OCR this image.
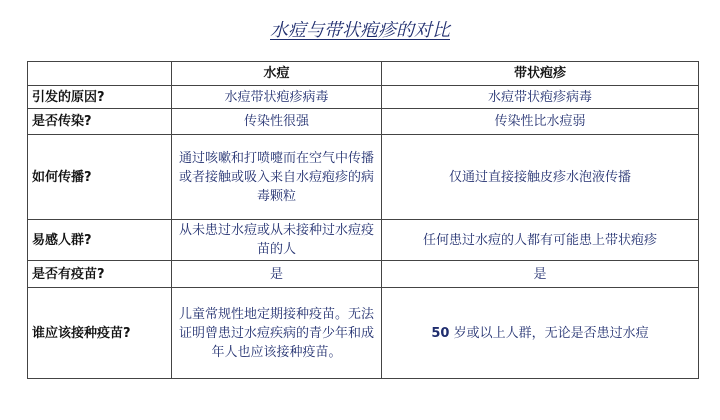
水痘与带状疱疹的对比
	水痘	带状疱疹
引发的原因?	水痘带状疱疹病毒	水痘带状疱疹病毒
是否传染?	传染性很强	传染性比水痘弱
如何传播?	通过咳嗽和打喷嚏而在空气中传播或者接触或吸入来自水痘疱疹的病毒颗粒	仅通过直接接触皮疹水泡液传播
易感人群?	从未患过水痘或从未接种过水痘疫苗的人	任何患过水痘的人都有可能患上带状疱疹
是否有疫苗?	是	是
谁应该接种疫苗?	儿童常规性地定期接种疫苗。无法证明曾患过水痘疾病的青少年和成年人也应该接种疫苗。	50 岁或以上人群，无论是否患过水痘
